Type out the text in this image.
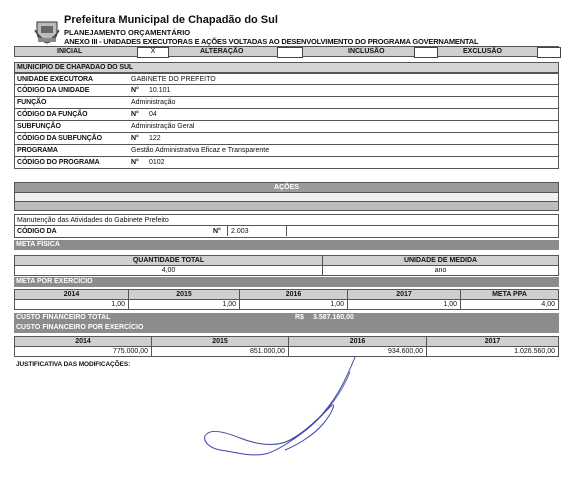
Prefeitura Municipal de Chapadão do Sul
PLANEJAMENTO ORÇAMENTÁRIO
ANEXO III - UNIDADES EXECUTORAS E AÇÕES VOLTADAS AO DESENVOLVIMENTO DO PROGRAMA GOVERNAMENTAL
INICIAL	X	ALTERAÇÃO	INCLUSÃO	EXCLUSÃO
MUNICIPIO DE CHAPADAO DO SUL
UNIDADE EXECUTORA	GABINETE DO PREFEITO
CÓDIGO DA UNIDADE	N° 10.101
FUNÇÃO	Administração
CÓDIGO DA FUNÇÃO	N° 04
SUBFUNÇÃO	Administração Geral
CÓDIGO DA SUBFUNÇÃO	N° 122
PROGRAMA	Gestão Administrativa Eficaz e Transparente
CÓDIGO DO PROGRAMA	N° 0102
AÇÕES
Manutenção das Atividades do Gabinete Prefeito
CÓDIGO DA	N° 2.003
META FÍSICA
QUANTIDADE TOTAL	UNIDADE DE MEDIDA
4,00	ano
META POR EXERCÍCIO
2014	2015	2016	2017	META PPA
1,00	1,00	1,00	1,00	4,00
CUSTO FINANCEIRO TOTAL	R$ 3.587.160,00
CUSTO FINANCEIRO POR EXERCÍCIO
2014	2015	2016	2017
775.000,00	851.000,00	934.600,00	1.026.560,00
JUSTIFICATIVA DAS MODIFICAÇÕES:
